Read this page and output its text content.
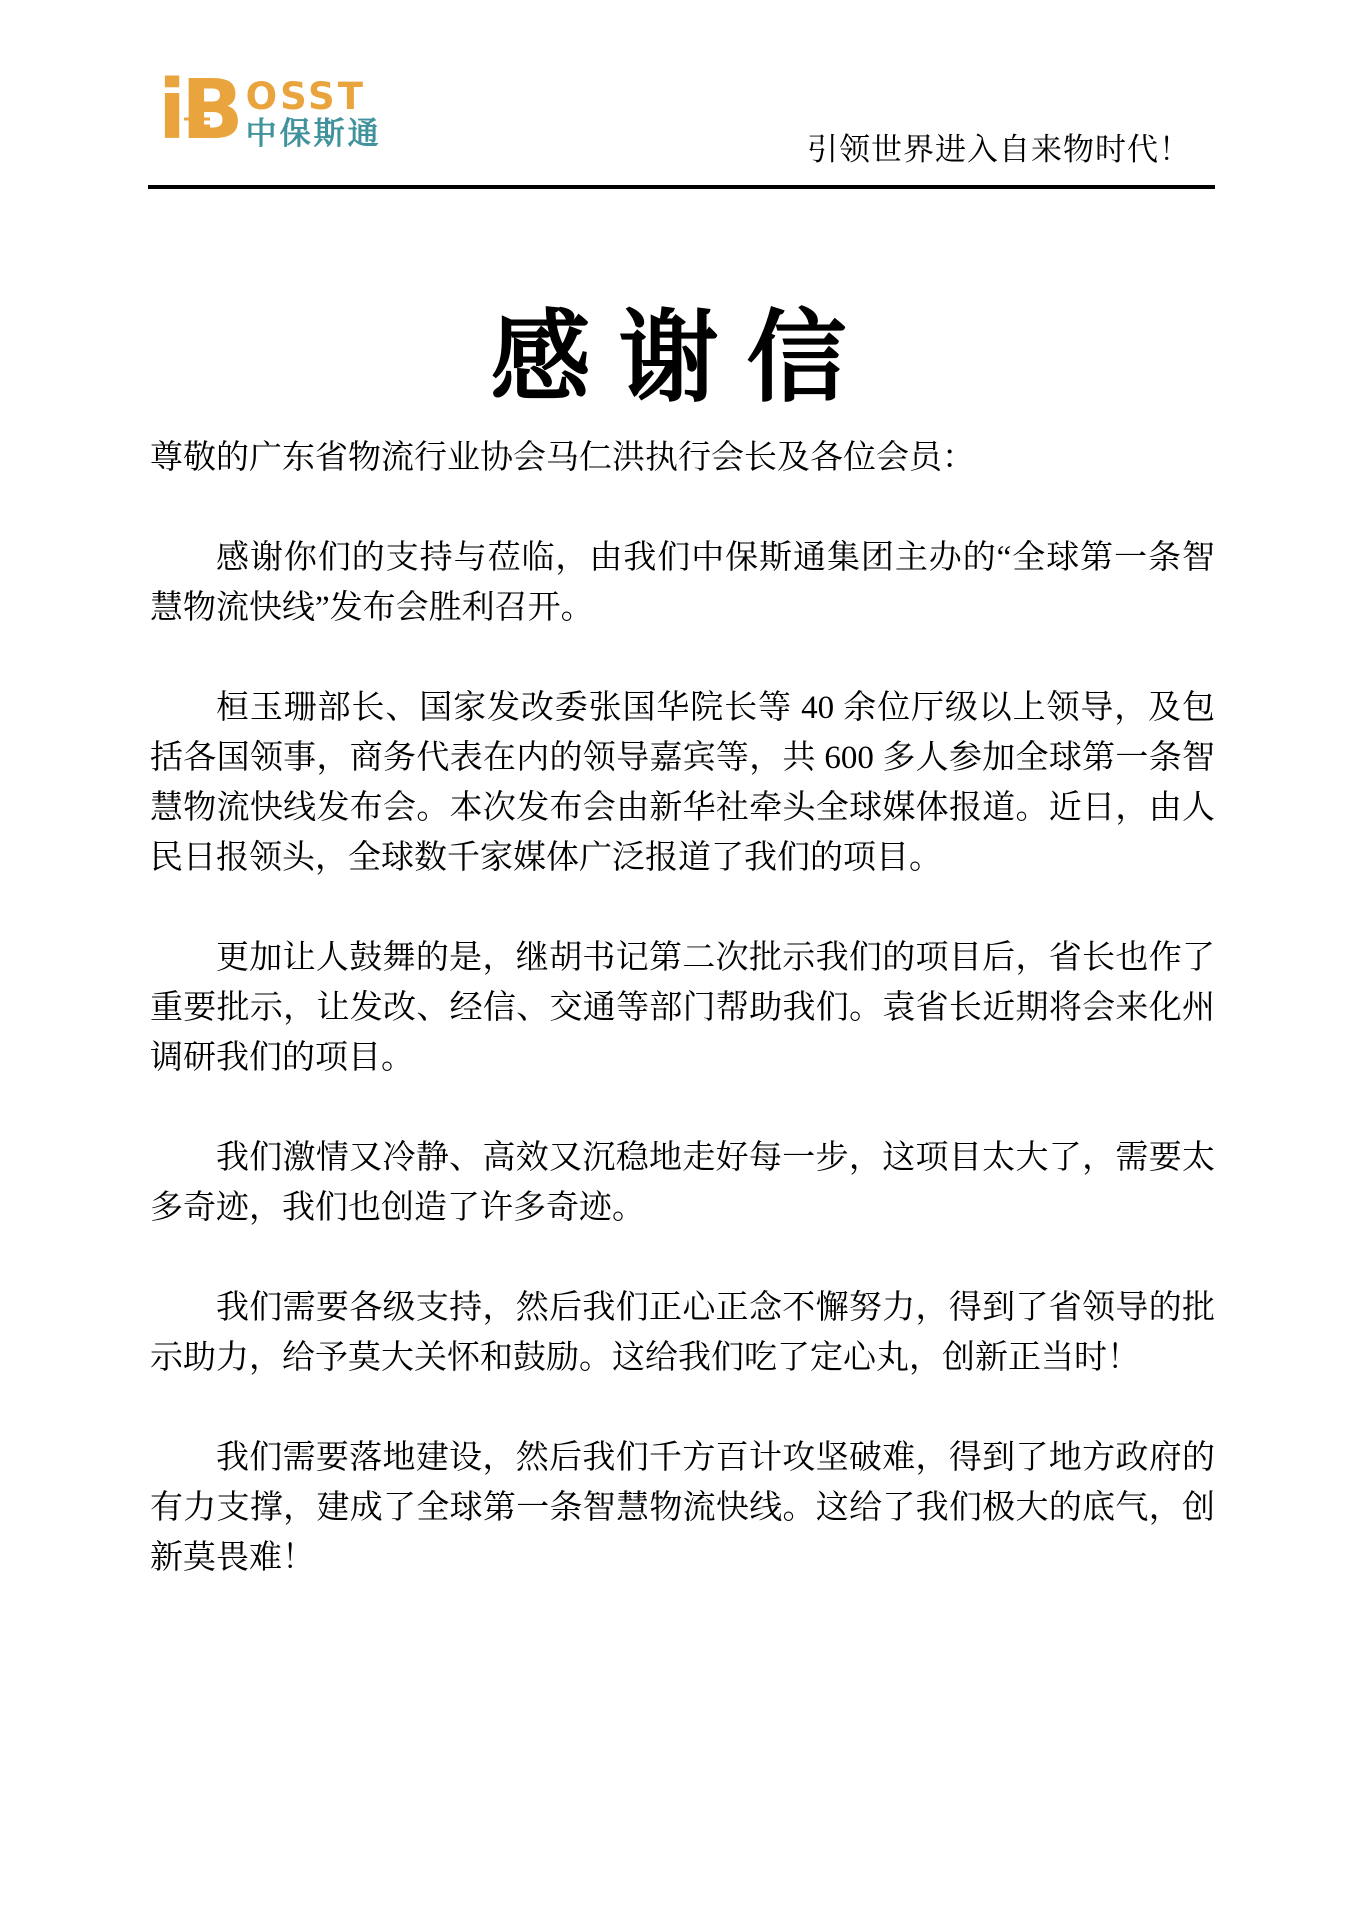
iB OSST
中保斯通	引领世界进入自来物时代！
感谢信

尊敬的广东省物流行业协会马仁洪执行会长及各位会员：

感谢你们的支持与莅临，由我们中保斯通集团主办的“全球第一条智慧物流快线”发布会胜利召开。

桓玉珊部长、国家发改委张国华院长等 40 余位厅级以上领导，及包括各国领事，商务代表在内的领导嘉宾等，共 600 多人参加全球第一条智慧物流快线发布会。本次发布会由新华社牵头全球媒体报道。近日，由人民日报领头，全球数千家媒体广泛报道了我们的项目。

更加让人鼓舞的是，继胡书记第二次批示我们的项目后，省长也作了重要批示，让发改、经信、交通等部门帮助我们。袁省长近期将会来化州调研我们的项目。

我们激情又冷静、高效又沉稳地走好每一步，这项目太大了，需要太多奇迹，我们也创造了许多奇迹。

我们需要各级支持，然后我们正心正念不懈努力，得到了省领导的批示助力，给予莫大关怀和鼓励。这给我们吃了定心丸，创新正当时！

我们需要落地建设，然后我们千方百计攻坚破难，得到了地方政府的有力支撑，建成了全球第一条智慧物流快线。这给了我们极大的底气，创新莫畏难！
